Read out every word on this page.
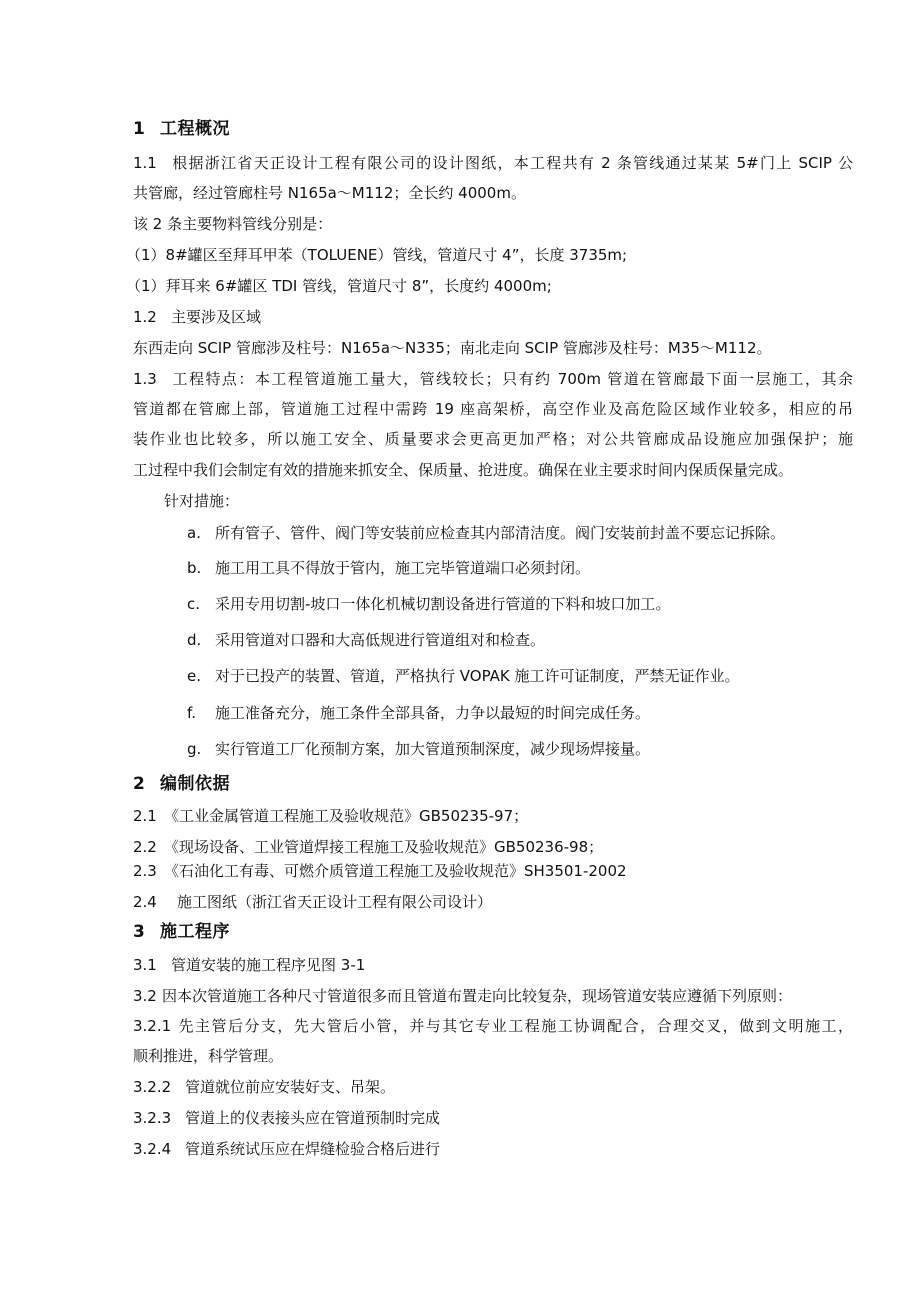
1 工程概况
1.1 根据浙江省天正设计工程有限公司的设计图纸，本工程共有 2 条管线通过某某 5#门上 SCIP 公
共管廊，经过管廊柱号 N165a～M112；全长约 4000m。
该 2 条主要物料管线分别是：
（1）8#罐区至拜耳甲苯（TOLUENE）管线，管道尺寸 4”，长度 3735m;
（1）拜耳来 6#罐区 TDI 管线，管道尺寸 8”，长度约 4000m;
1.2 主要涉及区域
东西走向 SCIP 管廊涉及柱号：N165a～N335；南北走向 SCIP 管廊涉及柱号：M35～M112。
1.3 工程特点：本工程管道施工量大，管线较长；只有约 700m 管道在管廊最下面一层施工，其余
管道都在管廊上部，管道施工过程中需跨 19 座高架桥，高空作业及高危险区域作业较多，相应的吊
装作业也比较多，所以施工安全、质量要求会更高更加严格；对公共管廊成品设施应加强保护；施
工过程中我们会制定有效的措施来抓安全、保质量、抢进度。确保在业主要求时间内保质保量完成。
针对措施：
a. 所有管子、管件、阀门等安装前应检查其内部清洁度。阀门安装前封盖不要忘记拆除。
b. 施工用工具不得放于管内，施工完毕管道端口必须封闭。
c. 采用专用切割-坡口一体化机械切割设备进行管道的下料和坡口加工。
d. 采用管道对口器和大高低规进行管道组对和检查。
e. 对于已投产的装置、管道，严格执行 VOPAK 施工许可证制度，严禁无证作业。
f. 施工准备充分，施工条件全部具备，力争以最短的时间完成任务。
g. 实行管道工厂化预制方案，加大管道预制深度，减少现场焊接量。
2 编制依据
2.1 《工业金属管道工程施工及验收规范》GB50235-97；
2.2 《现场设备、工业管道焊接工程施工及验收规范》GB50236-98；
2.3 《石油化工有毒、可燃介质管道工程施工及验收规范》SH3501-2002
2.4 施工图纸（浙江省天正设计工程有限公司设计）
3 施工程序
3.1 管道安装的施工程序见图 3-1
3.2 因本次管道施工各种尺寸管道很多而且管道布置走向比较复杂，现场管道安装应遵循下列原则：
3.2.1 先主管后分支，先大管后小管，并与其它专业工程施工协调配合，合理交叉，做到文明施工，
顺利推进，科学管理。
3.2.2 管道就位前应安装好支、吊架。
3.2.3 管道上的仪表接头应在管道预制时完成
3.2.4 管道系统试压应在焊缝检验合格后进行
